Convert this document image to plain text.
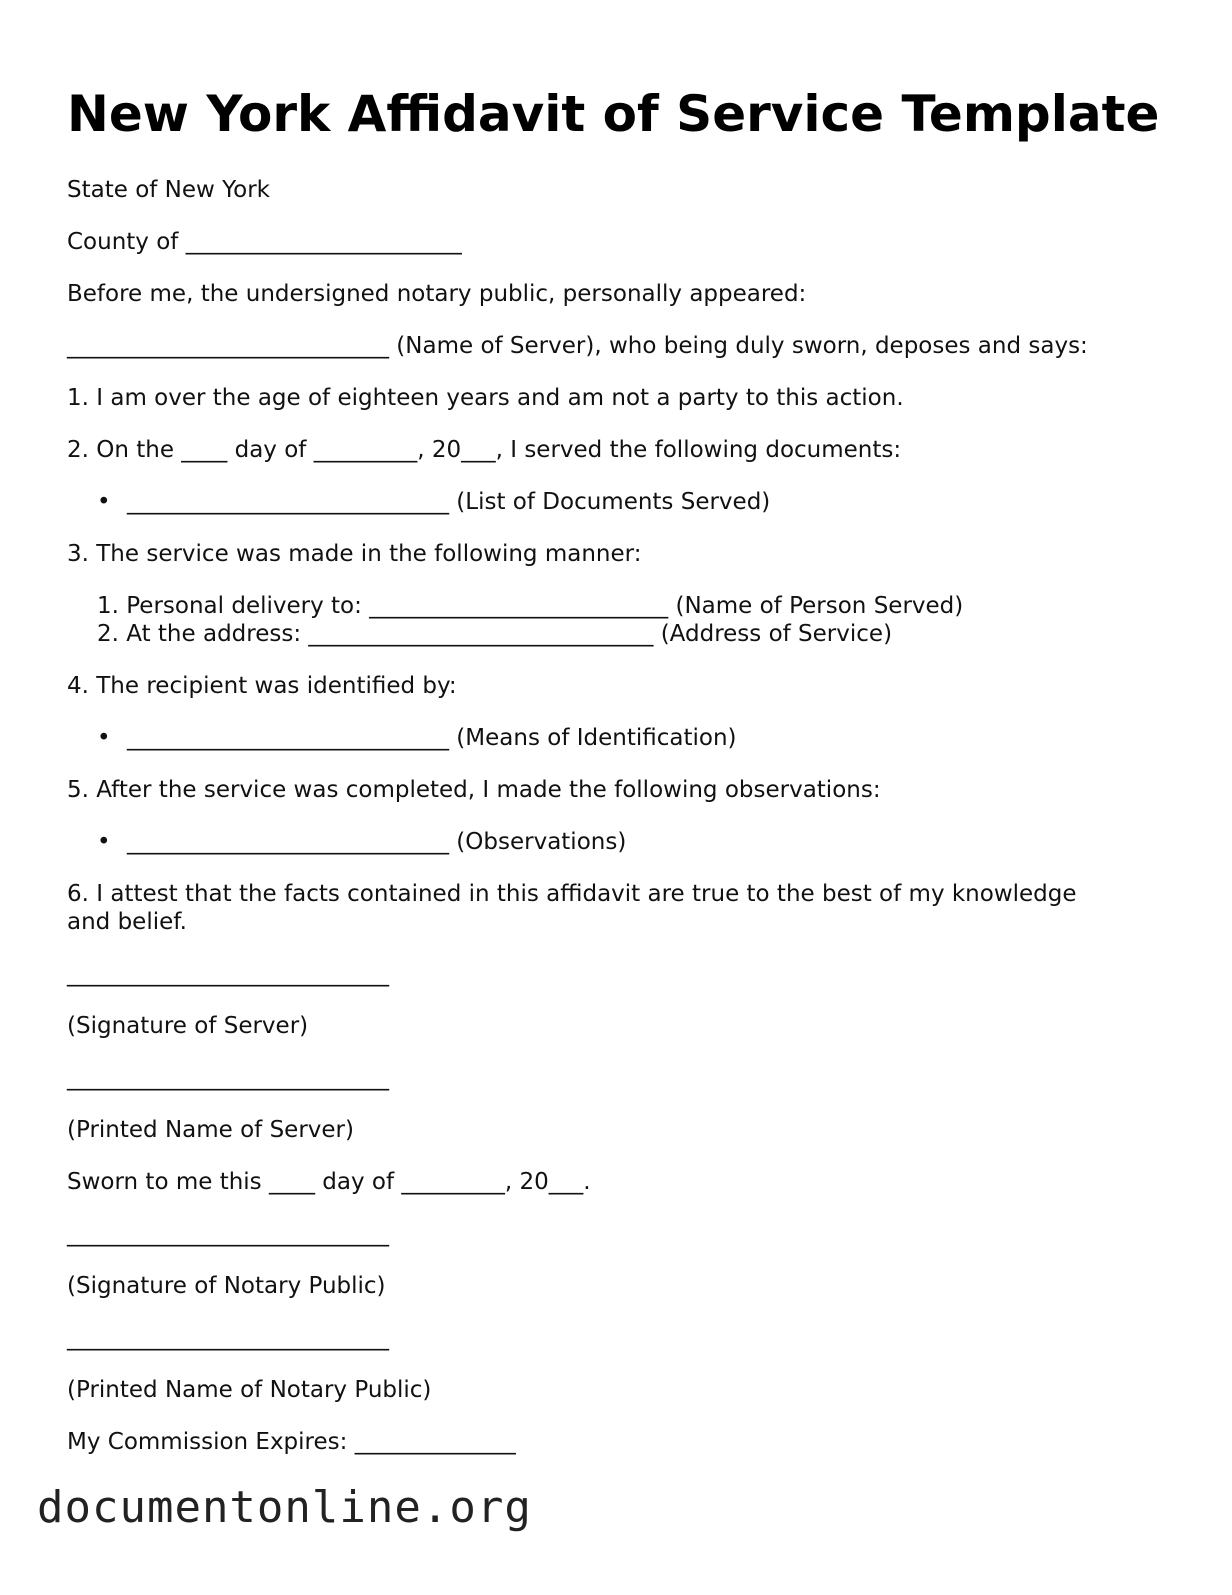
New York Affidavit of Service Template
State of New York
County of ________________________
Before me, the undersigned notary public, personally appeared:
____________________________ (Name of Server), who being duly sworn, deposes and says:
1. I am over the age of eighteen years and am not a party to this action.
2. On the ____ day of _________, 20___, I served the following documents:
• ____________________________ (List of Documents Served)
3. The service was made in the following manner:
1. Personal delivery to: __________________________ (Name of Person Served)
2. At the address: ______________________________ (Address of Service)
4. The recipient was identified by:
• ____________________________ (Means of Identification)
5. After the service was completed, I made the following observations:
• ____________________________ (Observations)
6. I attest that the facts contained in this affidavit are true to the best of my knowledge
and belief.
____________________________
(Signature of Server)
____________________________
(Printed Name of Server)
Sworn to me this ____ day of _________, 20___.
____________________________
(Signature of Notary Public)
____________________________
(Printed Name of Notary Public)
My Commission Expires: ______________
documentonline.org
